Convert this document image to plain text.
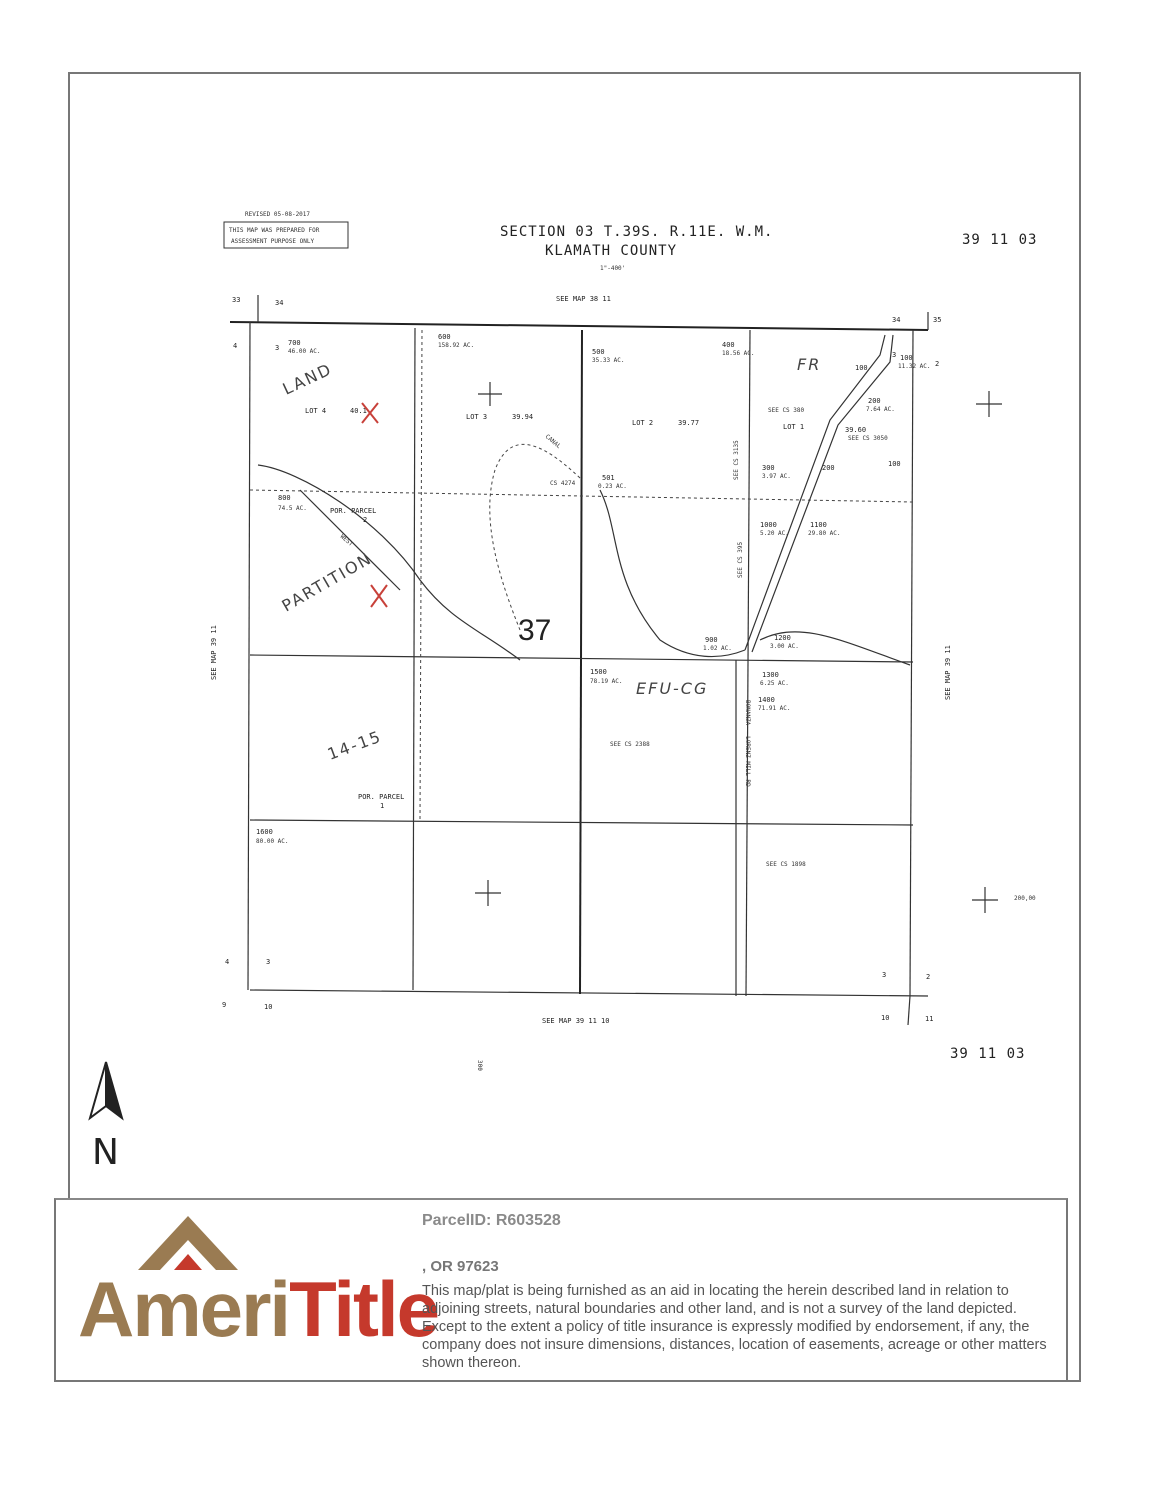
REVISED 05-08-2017
THIS MAP WAS PREPARED FOR
ASSESSMENT PURPOSE ONLY
SECTION 03 T.39S. R.11E. W.M.
KLAMATH COUNTY
1"-400'
39 11 03
33	34
4	3
34	35
3
2
4	3
9	10
3	2
10	11
SEE MAP 38 11
SEE MAP 39 11 10
SEE MAP 39 11	SEE MAP 39 11
39 11 03
700
46.00 AC.
600
158.92 AC.
500
35.33 AC.
400
18.56 AC.
100
11.32 AC.
200
7.64 AC.
300
3.97 AC.
501
0.23 AC.
800
74.5 AC.
1000
5.20 AC.
1100
29.80 AC.
900
1.02 AC.
1200
3.00 AC.
1300
6.25 AC.
1400
71.91 AC.
1500
78.19 AC.
1600
80.00 AC.
LOT 4	40.1
LOT 3	39.94
LOT 2	39.77	LOT 1	39.60
CANAL
CS 4274
SEE CS 380
SEE CS 3050
SEE CS 2388
SEE CS 1898
SEE CS 3135
SEE CS 395
POR. PARCEL
2
POR. PARCEL
1
FR
EFU-CG
37
LAND
PARTITION
WEST
14-15	BONANZA - LORENZ MILL RD
100
100
200
200,00
300
N
AmeriTitle
ParcelID: R603528
, OR 97623
This map/plat is being furnished as an aid in locating the herein described land in relation to adjoining streets, natural boundaries and other land, and is not a survey of the land depicted. Except to the extent a policy of title insurance is expressly modified by endorsement, if any, the company does not insure dimensions, distances, location of easements, acreage or other matters shown thereon.
